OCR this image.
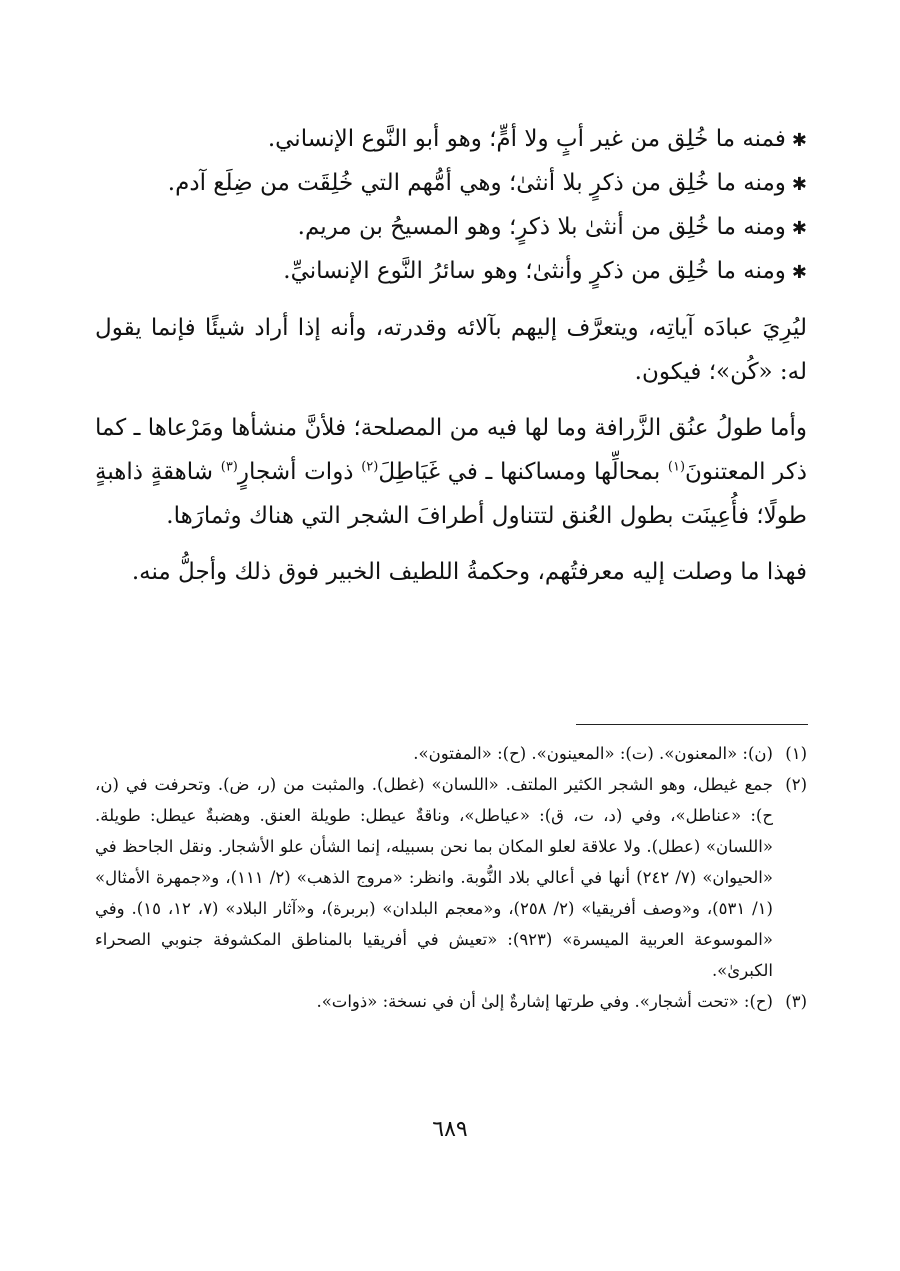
✱فمنه ما خُلِق من غير أبٍ ولا أمٍّ؛ وهو أبو النَّوع الإنساني.
✱ومنه ما خُلِق من ذكرٍ بلا أنثىٰ؛ وهي أمُّهم التي خُلِقَت من ضِلَع آدم.
✱ومنه ما خُلِق من أنثىٰ بلا ذكرٍ؛ وهو المسيحُ بن مريم.
✱ومنه ما خُلِق من ذكرٍ وأنثىٰ؛ وهو سائرُ النَّوع الإنسانيِّ.

ليُرِيَ عبادَه آياتِه، ويتعرَّف إليهم بآلائه وقدرته، وأنه إذا أراد شيئًا فإنما يقول له: «كُن»؛ فيكون.

وأما طولُ عنُق الزَّرافة وما لها فيه من المصلحة؛ فلأنَّ منشأها ومَرْعاها ـ كما ذكر المعتنونَ$^{(١)}$ بمحالِّها ومساكنها ـ في غَيَاطِلَ$^{(٢)}$ ذوات أشجارٍ$^{(٣)}$ شاهقةٍ ذاهبةٍ طولًا؛ فأُعِينَت بطول العُنق لتتناول أطرافَ الشجر التي هناك وثمارَها.

فهذا ما وصلت إليه معرفتُهم، وحكمةُ اللطيف الخبير فوق ذلك وأجلُّ منه.

(١)
(ن): «المعنون». (ت): «المعينون». (ح): «المفتون».
(٢)
جمع غيطل، وهو الشجر الكثير الملتف. «اللسان» (غطل). والمثبت من (ر، ض). وتحرفت في (ن، ح): «عناطل»، وفي (د، ت، ق): «عياطل»، وناقةٌ عيطل: طويلة العنق. وهضبةٌ عيطل: طويلة. «اللسان» (عطل). ولا علاقة لعلو المكان بما نحن بسبيله، إنما الشأن علو الأشجار. ونقل الجاحظ في «الحيوان» (٧/ ٢٤٢) أنها في أعالي بلاد النُّوبة. وانظر: «مروج الذهب» (٢/ ١١١)، و«جمهرة الأمثال» (١/ ٥٣١)، و«وصف أفريقيا» (٢/ ٢٥٨)، و«معجم البلدان» (بربرة)، و«آثار البلاد» (٧، ١٢، ١٥). وفي «الموسوعة العربية الميسرة» (٩٢٣): «تعيش في أفريقيا بالمناطق المكشوفة جنوبي الصحراء الكبرىٰ».
(٣)
(ح): «تحت أشجار». وفي طرتها إشارةٌ إلىٰ أن في نسخة: «ذوات».
٦٨٩
